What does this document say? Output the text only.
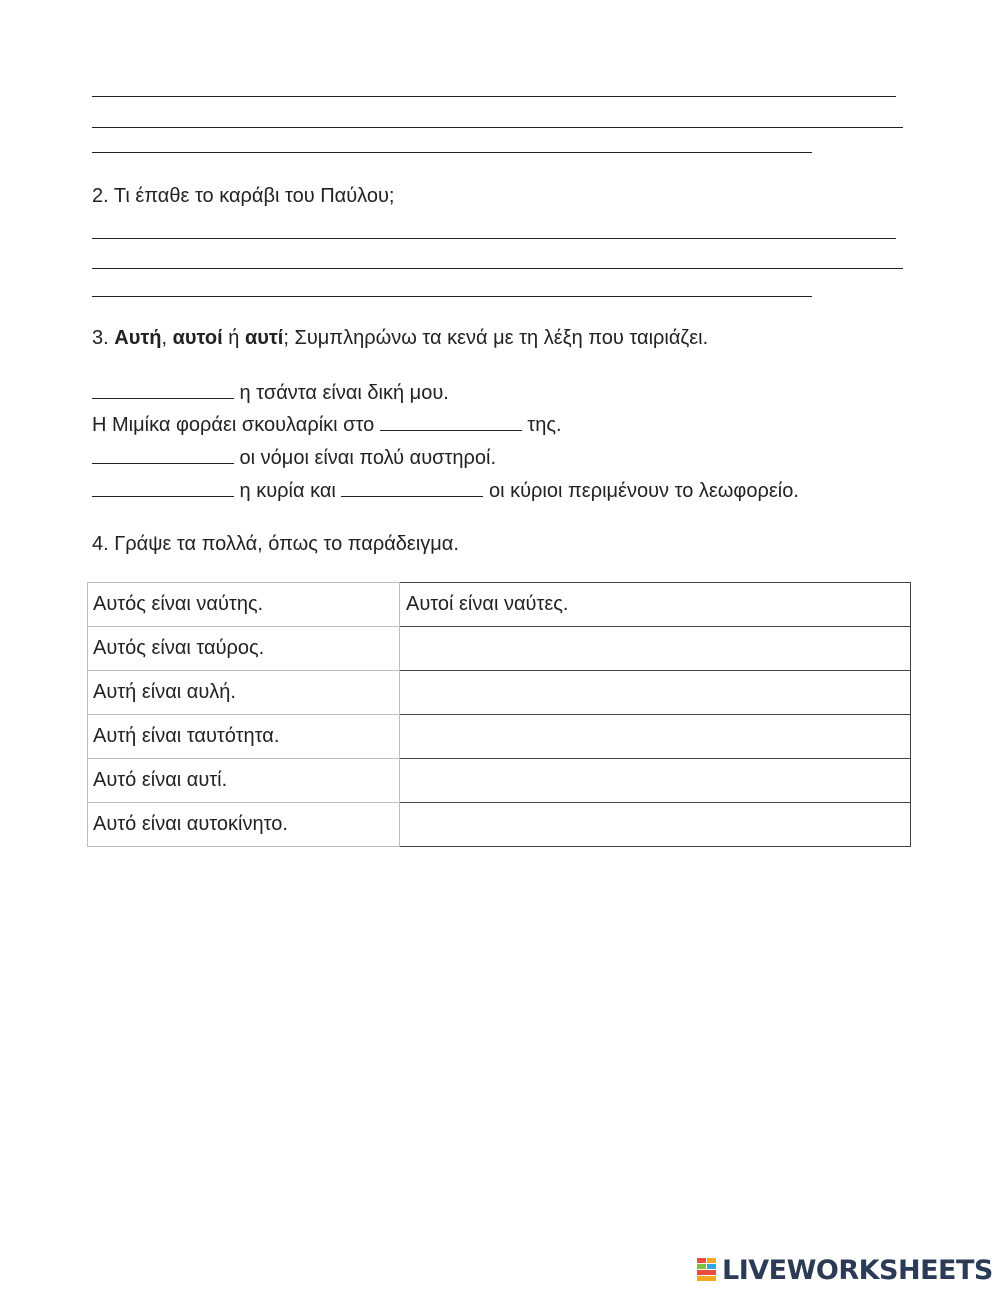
2. Τι έπαθε το καράβι του Παύλου;
3. Αυτή, αυτοί ή αυτί; Συμπληρώνω τα κενά με τη λέξη που ταιριάζει.
η τσάντα είναι δική μου.
Η Μιμίκα φοράει σκουλαρίκι στο	της.
οι νόμοι είναι πολύ αυστηροί.
η κυρία και	οι κύριοι περιμένουν το λεωφορείο.
4. Γράψε τα πολλά, όπως το παράδειγμα.
Αυτός είναι ναύτης.	Αυτοί είναι ναύτες.
Αυτός είναι ταύρος.	
Αυτή είναι αυλή.	
Αυτή είναι ταυτότητα.	
Αυτό είναι αυτί.	
Αυτό είναι αυτοκίνητο.	
LIVEWORKSHEETS
